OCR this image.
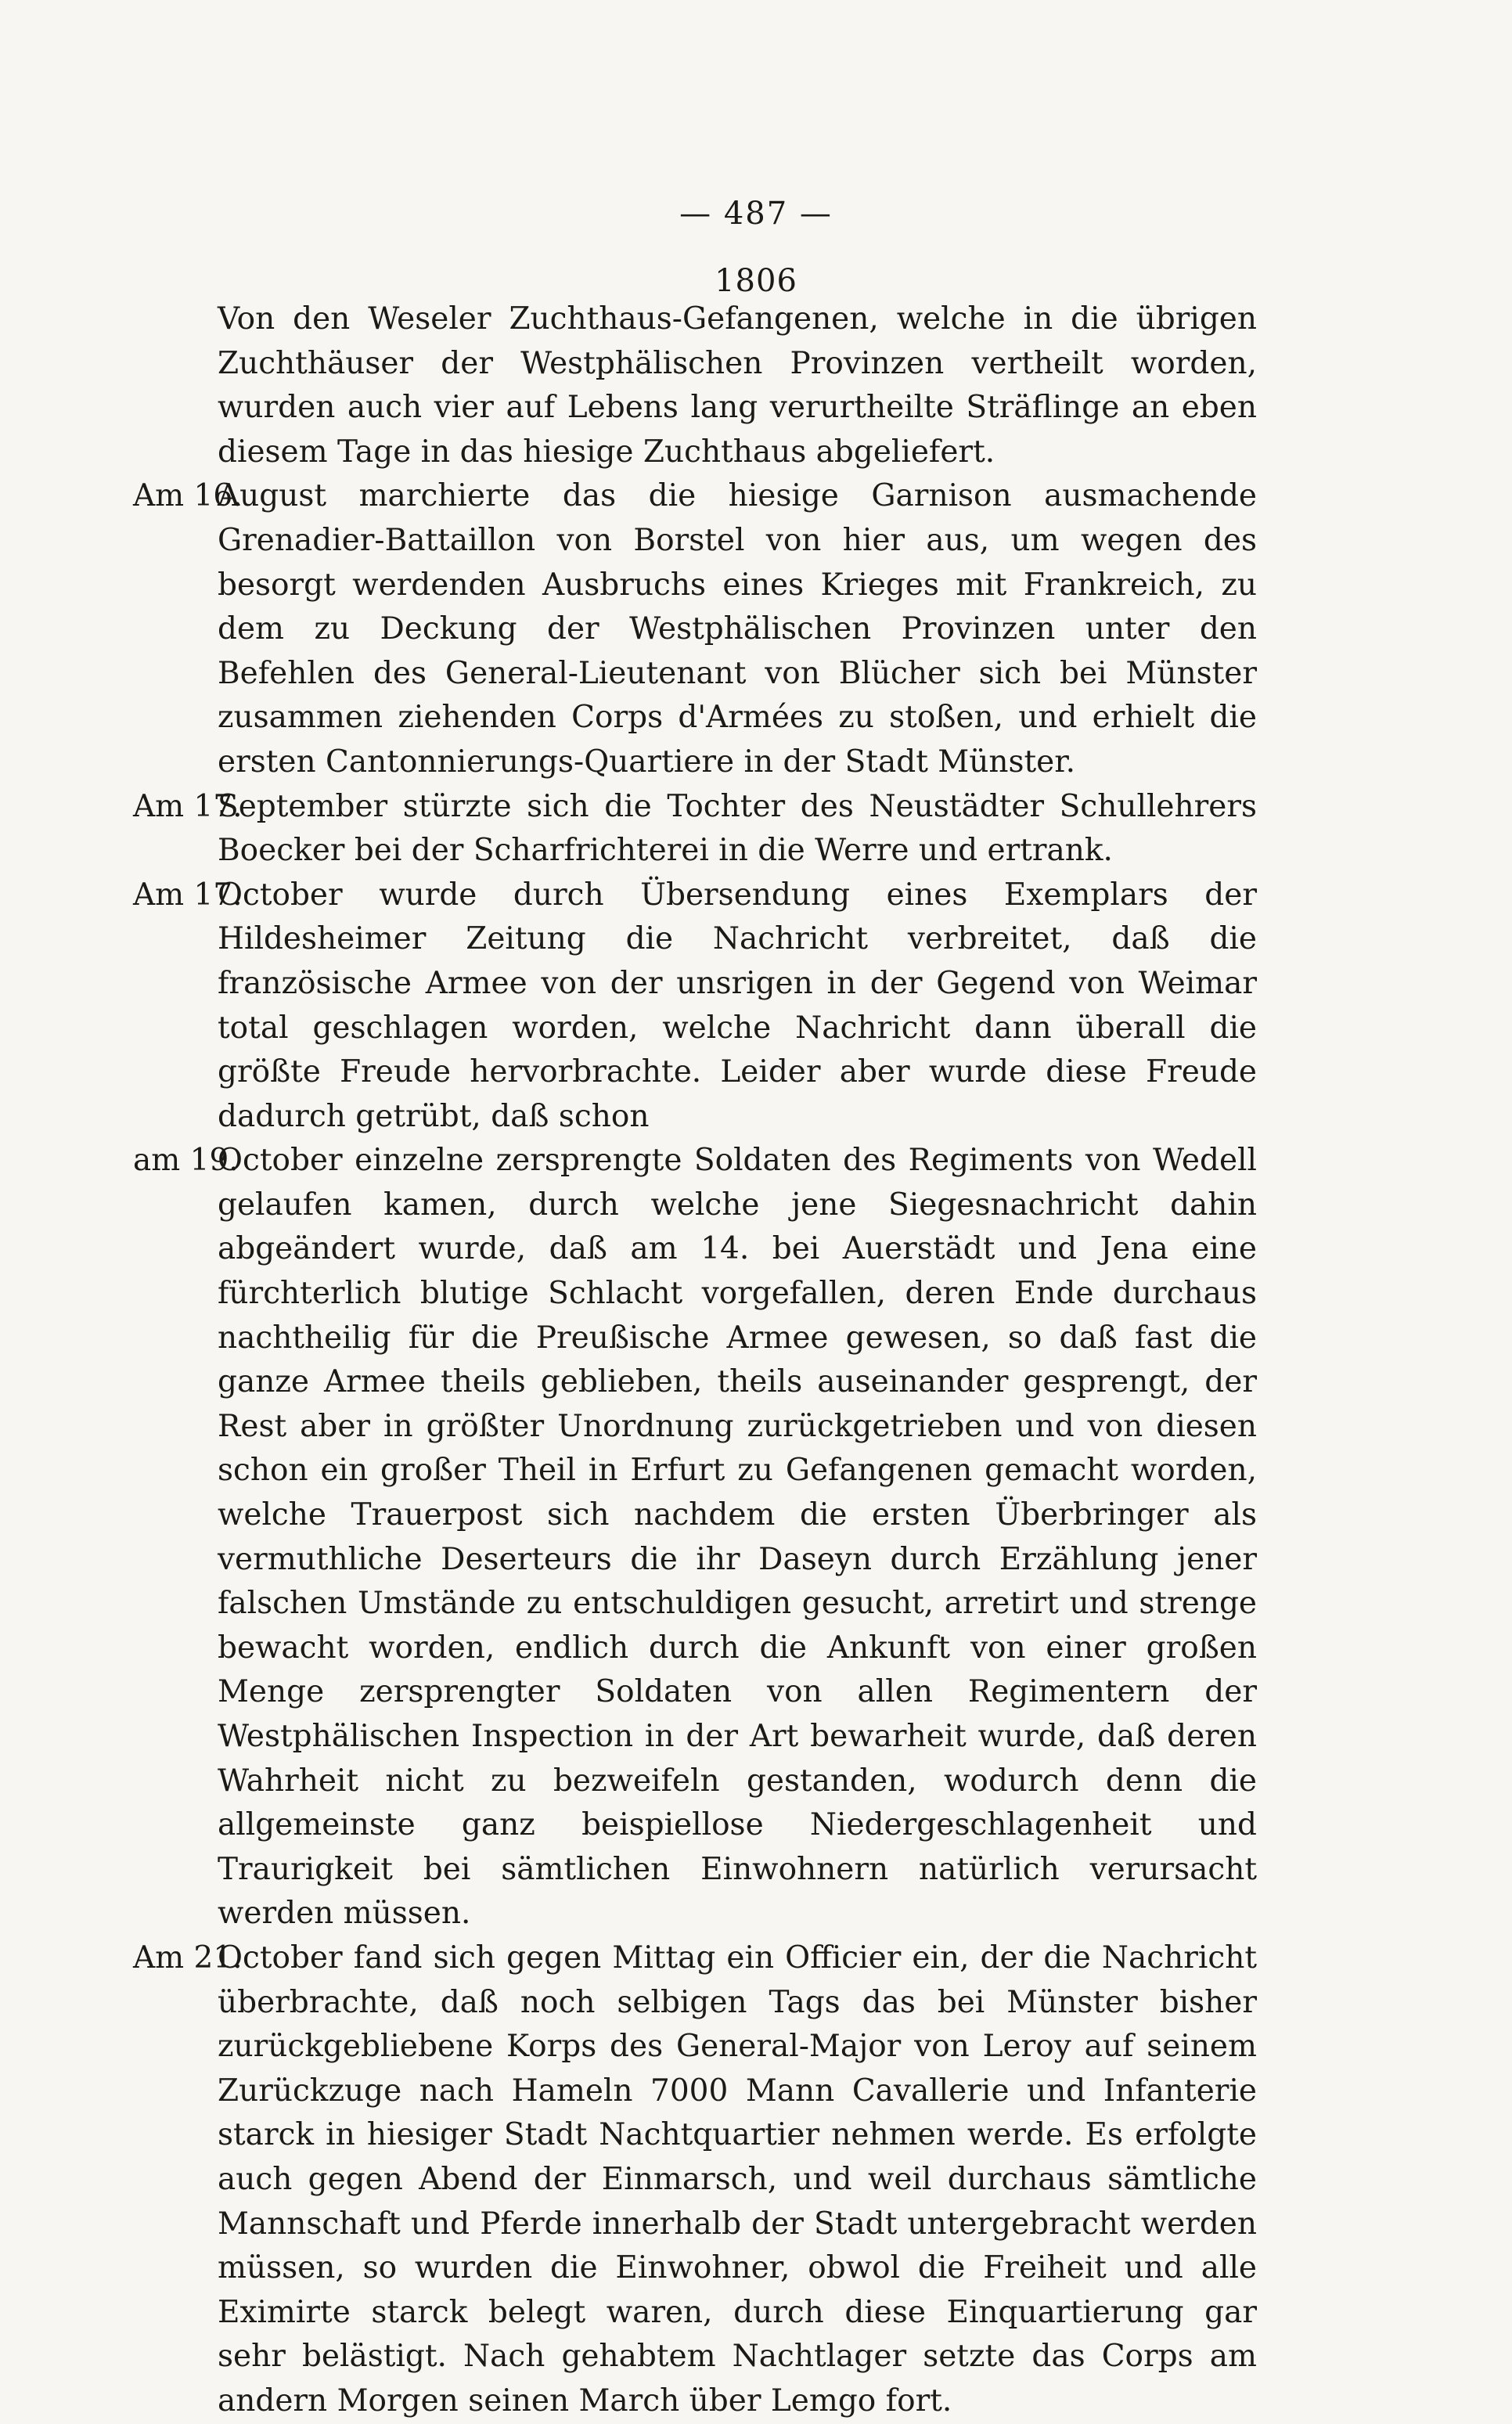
— 487 —
1806
Von den Weseler Zuchthaus-Gefangenen, welche in die übrigen Zuchthäuser der Westphälischen Provinzen vertheilt worden, wurden auch vier auf Lebens lang verurtheilte Sträflinge an eben diesem Tage in das hiesige Zuchthaus abgeliefert.
Am 16.
August marchierte das die hiesige Garnison ausmachende Grenadier-Battaillon von Borstel von hier aus, um wegen des besorgt werdenden Ausbruchs eines Krieges mit Frankreich, zu dem zu Deckung der Westphälischen Provinzen unter den Befehlen des General-Lieutenant von Blücher sich bei Münster zusammen ziehenden Corps d'Armées zu stoßen, und erhielt die ersten Cantonnierungs-Quartiere in der Stadt Münster.
Am 17.
September stürzte sich die Tochter des Neustädter Schullehrers Boecker bei der Scharfrichterei in die Werre und ertrank.
Am 17.
October wurde durch Übersendung eines Exemplars der Hildesheimer Zeitung die Nachricht verbreitet, daß die französische Armee von der unsrigen in der Gegend von Weimar total geschlagen worden, welche Nachricht dann überall die größte Freude hervorbrachte. Leider aber wurde diese Freude dadurch getrübt, daß schon
am 19.
October einzelne zersprengte Soldaten des Regiments von Wedell gelaufen kamen, durch welche jene Siegesnachricht dahin abgeändert wurde, daß am 14. bei Auerstädt und Jena eine fürchterlich blutige Schlacht vorgefallen, deren Ende durchaus nachtheilig für die Preußische Armee gewesen, so daß fast die ganze Armee theils geblieben, theils auseinander gesprengt, der Rest aber in größter Unordnung zurückgetrieben und von diesen schon ein großer Theil in Erfurt zu Gefangenen gemacht worden, welche Trauerpost sich nachdem die ersten Überbringer als vermuthliche Deserteurs die ihr Daseyn durch Erzählung jener falschen Umstände zu entschuldigen gesucht, arretirt und strenge bewacht worden, endlich durch die Ankunft von einer großen Menge zersprengter Soldaten von allen Regimentern der Westphälischen Inspection in der Art bewarheit wurde, daß deren Wahrheit nicht zu bezweifeln gestanden, wodurch denn die allgemeinste ganz beispiellose Niedergeschlagenheit und Traurigkeit bei sämtlichen Einwohnern natürlich verursacht werden müssen.
Am 21.
October fand sich gegen Mittag ein Officier ein, der die Nachricht überbrachte, daß noch selbigen Tags das bei Münster bisher zurückgebliebene Korps des General-Major von Leroy auf seinem Zurückzuge nach Hameln 7000 Mann Cavallerie und Infanterie starck in hiesiger Stadt Nachtquartier nehmen werde. Es erfolgte auch gegen Abend der Einmarsch, und weil durchaus sämtliche Mannschaft und Pferde innerhalb der Stadt untergebracht werden müssen, so wurden die Einwohner, obwol die Freiheit und alle Eximirte starck belegt waren, durch diese Einquartierung gar sehr belästigt. Nach gehabtem Nachtlager setzte das Corps am andern Morgen seinen March über Lemgo fort.
